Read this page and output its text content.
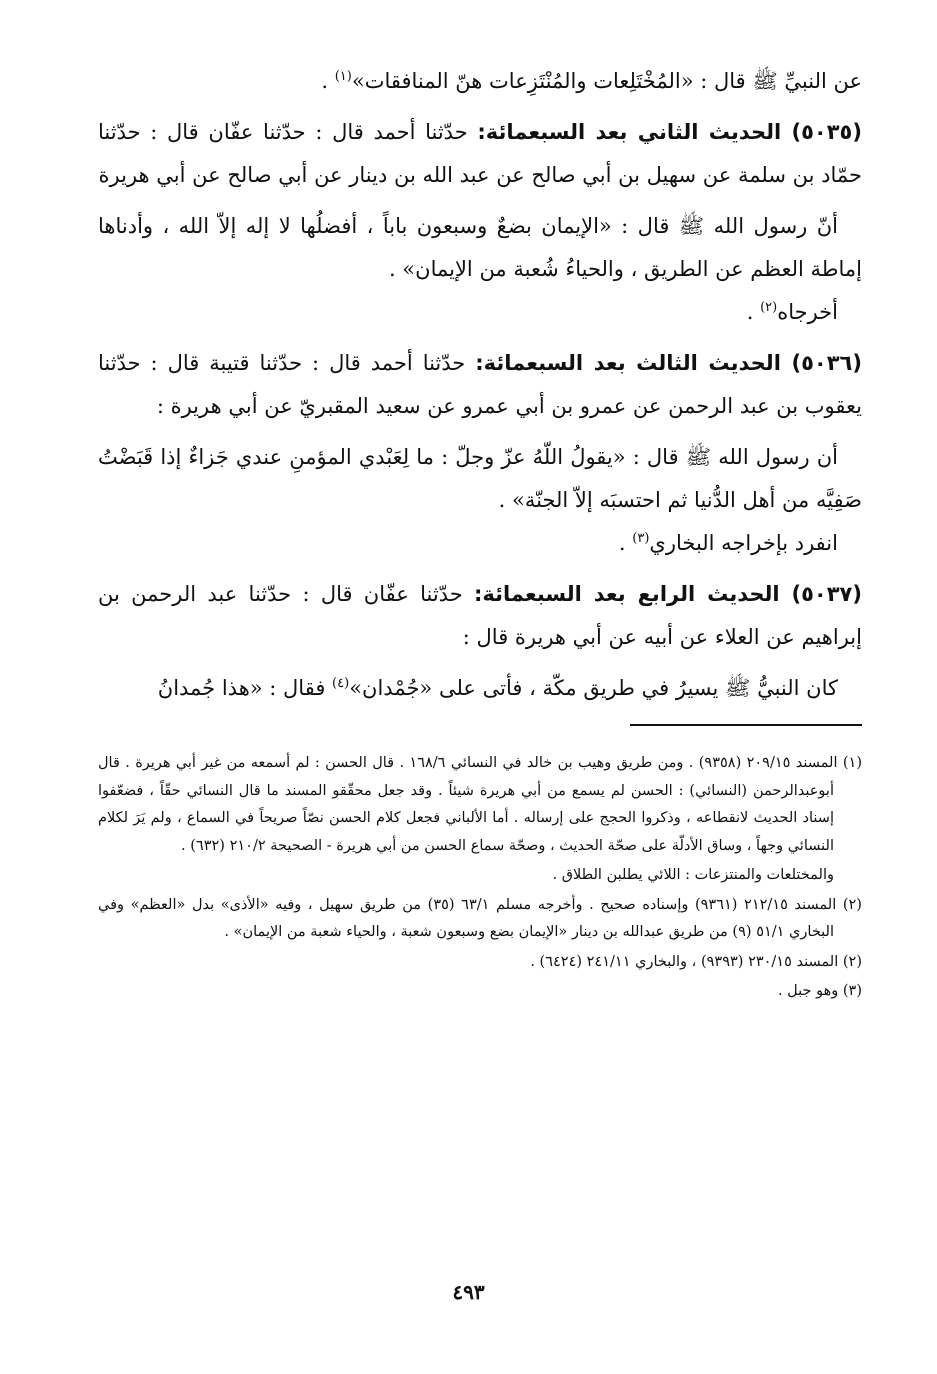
عن النبيِّ ﷺ قال : «المُخْتَلِعات والمُنْتَزِعات هنّ المنافقات»$^{(١)}$ .

(٥٠٣٥) الحديث الثاني بعد السبعمائة: حدّثنا أحمد قال : حدّثنا عفّان قال : حدّثنا حمّاد بن سلمة عن سهيل بن أبي صالح عن عبد الله بن دينار عن أبي صالح عن أبي هريرة

أنّ رسول الله ﷺ قال : «الإيمان بضعٌ وسبعون باباً ، أفضلُها لا إله إلاّ الله ، وأدناها إماطة العظم عن الطريق ، والحياءُ شُعبة من الإيمان» .

أخرجاه$^{(٢)}$ .

(٥٠٣٦) الحديث الثالث بعد السبعمائة: حدّثنا أحمد قال : حدّثنا قتيبة قال : حدّثنا يعقوب بن عبد الرحمن عن عمرو بن أبي عمرو عن سعيد المقبريّ عن أبي هريرة :

أن رسول الله ﷺ قال : «يقولُ اللّهُ عزّ وجلّ : ما لِعَبْدي المؤمنِ عندي جَزاءٌ إذا قَبَضْتُ صَفِيَّه من أهل الدُّنيا ثم احتسبَه إلاّ الجنّة» .

انفرد بإخراجه البخاري$^{(٣)}$ .

(٥٠٣٧) الحديث الرابع بعد السبعمائة: حدّثنا عفّان قال : حدّثنا عبد الرحمن بن إبراهيم عن العلاء عن أبيه عن أبي هريرة قال :

كان النبيُّ ﷺ يسيرُ في طريق مكّة ، فأتى على «جُمْدان»$^{(٤)}$ فقال : «هذا جُمدانُ

(١) المسند ٢٠٩/١٥ (٩٣٥٨) . ومن طريق وهيب بن خالد في النسائي ١٦٨/٦ . قال الحسن : لم أسمعه من غير أبي هريرة . قال أبوعبدالرحمن (النسائي) : الحسن لم يسمع من أبي هريرة شيئاً . وقد جعل محقّقو المسند ما قال النسائي حقّاً ، فضعّفوا إسناد الحديث لانقطاعه ، وذكروا الحجج على إرساله . أما الألباني فجعل كلام الحسن نصّاً صريحاً في السماع ، ولم يَرَ لكلام النسائي وجهاً ، وساق الأدلّة على صحّة الحديث ، وصحّة سماع الحسن من أبي هريرة - الصحيحة ٢١٠/٢ (٦٣٢) .

والمختلعات والمنتزعات : اللائي يطلبن الطلاق .

(٢) المسند ٢١٢/١٥ (٩٣٦١) وإسناده صحيح . وأخرجه مسلم ٦٣/١ (٣٥) من طريق سهيل ، وفيه «الأذى» بدل «العظم» وفي البخاري ٥١/١ (٩) من طريق عبدالله بن دينار «الإيمان بضع وسبعون شعبة ، والحياء شعبة من الإيمان» .

(٢) المسند ٢٣٠/١٥ (٩٣٩٣) ، والبخاري ٢٤١/١١ (٦٤٢٤) .

(٣) وهو جبل .

٤٩٣
